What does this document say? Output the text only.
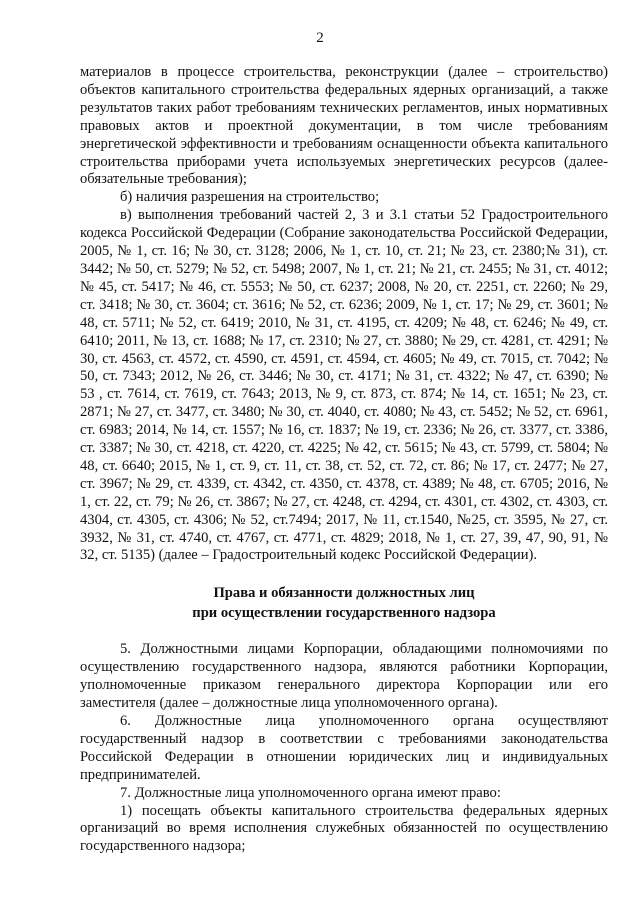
2

материалов в процессе строительства, реконструкции (далее – строительство) объектов капитального строительства федеральных ядерных организаций, а также результатов таких работ требованиям технических регламентов, иных нормативных правовых актов и проектной документации, в том числе требованиям энергетической эффективности и требованиям оснащенности объекта капитального строительства приборами учета используемых энергетических ресурсов (далее-обязательные требования);

б) наличия разрешения на строительство;

в) выполнения требований частей 2, 3 и 3.1 статьи 52 Градостроительного кодекса Российской Федерации (Собрание законодательства Российской Федерации, 2005, № 1, ст. 16; № 30, ст. 3128; 2006, № 1, ст. 10, ст. 21; № 23, ст. 2380;№ 31), ст. 3442; № 50, ст. 5279; № 52, ст. 5498; 2007, № 1, ст. 21; № 21, ст. 2455; № 31, ст. 4012; № 45, ст. 5417; № 46, ст. 5553; № 50, ст. 6237; 2008, № 20, ст. 2251, ст. 2260; № 29, ст. 3418; № 30, ст. 3604; ст. 3616; № 52, ст. 6236; 2009, № 1, ст. 17; № 29, ст. 3601; № 48, ст. 5711; № 52, ст. 6419; 2010, № 31, ст. 4195, ст. 4209; № 48, ст. 6246; № 49, ст. 6410; 2011, № 13, ст. 1688; № 17, ст. 2310; № 27, ст. 3880; № 29, ст. 4281, ст. 4291; № 30, ст. 4563, ст. 4572, ст. 4590, ст. 4591, ст. 4594, ст. 4605; № 49, ст. 7015, ст. 7042; № 50, ст. 7343; 2012, № 26, ст. 3446; № 30, ст. 4171; № 31, ст. 4322; № 47, ст. 6390; № 53 , ст. 7614, ст. 7619, ст. 7643; 2013, № 9, ст. 873, ст. 874; № 14, ст. 1651; № 23, ст. 2871; № 27, ст. 3477, ст. 3480; № 30, ст. 4040, ст. 4080; № 43, ст. 5452; № 52, ст. 6961, ст. 6983; 2014, № 14, ст. 1557; № 16, ст. 1837; № 19, ст. 2336; № 26, ст. 3377, ст. 3386, ст. 3387; № 30, ст. 4218, ст. 4220, ст. 4225; № 42, ст. 5615; № 43, ст. 5799, ст. 5804; № 48, ст. 6640; 2015, № 1, ст. 9, ст. 11, ст. 38, ст. 52, ст. 72, ст. 86; № 17, ст. 2477; № 27, ст. 3967; № 29, ст. 4339, ст. 4342, ст. 4350, ст. 4378, ст. 4389; № 48, ст. 6705; 2016, № 1, ст. 22, ст. 79; № 26, ст. 3867; № 27, ст. 4248, ст. 4294, ст. 4301, ст. 4302, ст. 4303, ст. 4304, ст. 4305, ст. 4306; № 52, ст.7494; 2017, № 11, ст.1540, №25, ст. 3595, № 27, ст. 3932, № 31, ст. 4740, ст. 4767, ст. 4771, ст. 4829; 2018, № 1, ст. 27, 39, 47, 90, 91, № 32, ст. 5135) (далее – Градостроительный кодекс Российской Федерации).

Права и обязанности должностных лиц
при осуществлении государственного надзора

5. Должностными лицами Корпорации, обладающими полномочиями по осуществлению государственного надзора, являются работники Корпорации, уполномоченные приказом генерального директора Корпорации или его заместителя (далее – должностные лица уполномоченного органа).

6. Должностные лица уполномоченного органа осуществляют государственный надзор в соответствии с требованиями законодательства Российской Федерации в отношении юридических лиц и индивидуальных предпринимателей.

7. Должностные лица уполномоченного органа имеют право:

1) посещать объекты капитального строительства федеральных ядерных организаций во время исполнения служебных обязанностей по осуществлению государственного надзора;
